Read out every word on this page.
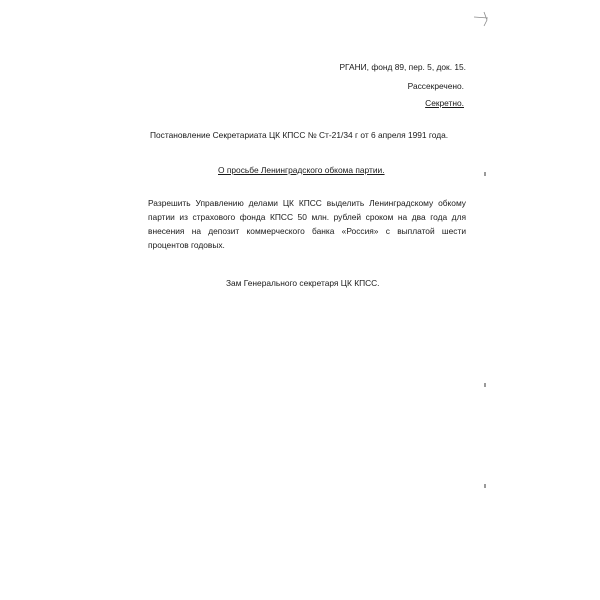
РГАНИ, фонд 89, пер. 5, док. 15.
Рассекречено.
Секретно.
Постановление Секретариата ЦК КПСС № Ст-21/34 г от 6 апреля 1991 года.
О просьбе Ленинградского обкома партии.
Разрешить Управлению делами ЦК КПСС выделить Ленинградскому обкому партии из страхового фонда КПСС 50 млн. рублей сроком на два года для внесения на депозит коммерческого банка «Россия» с выплатой шести процентов годовых.
Зам Генерального секретаря ЦК КПСС.
